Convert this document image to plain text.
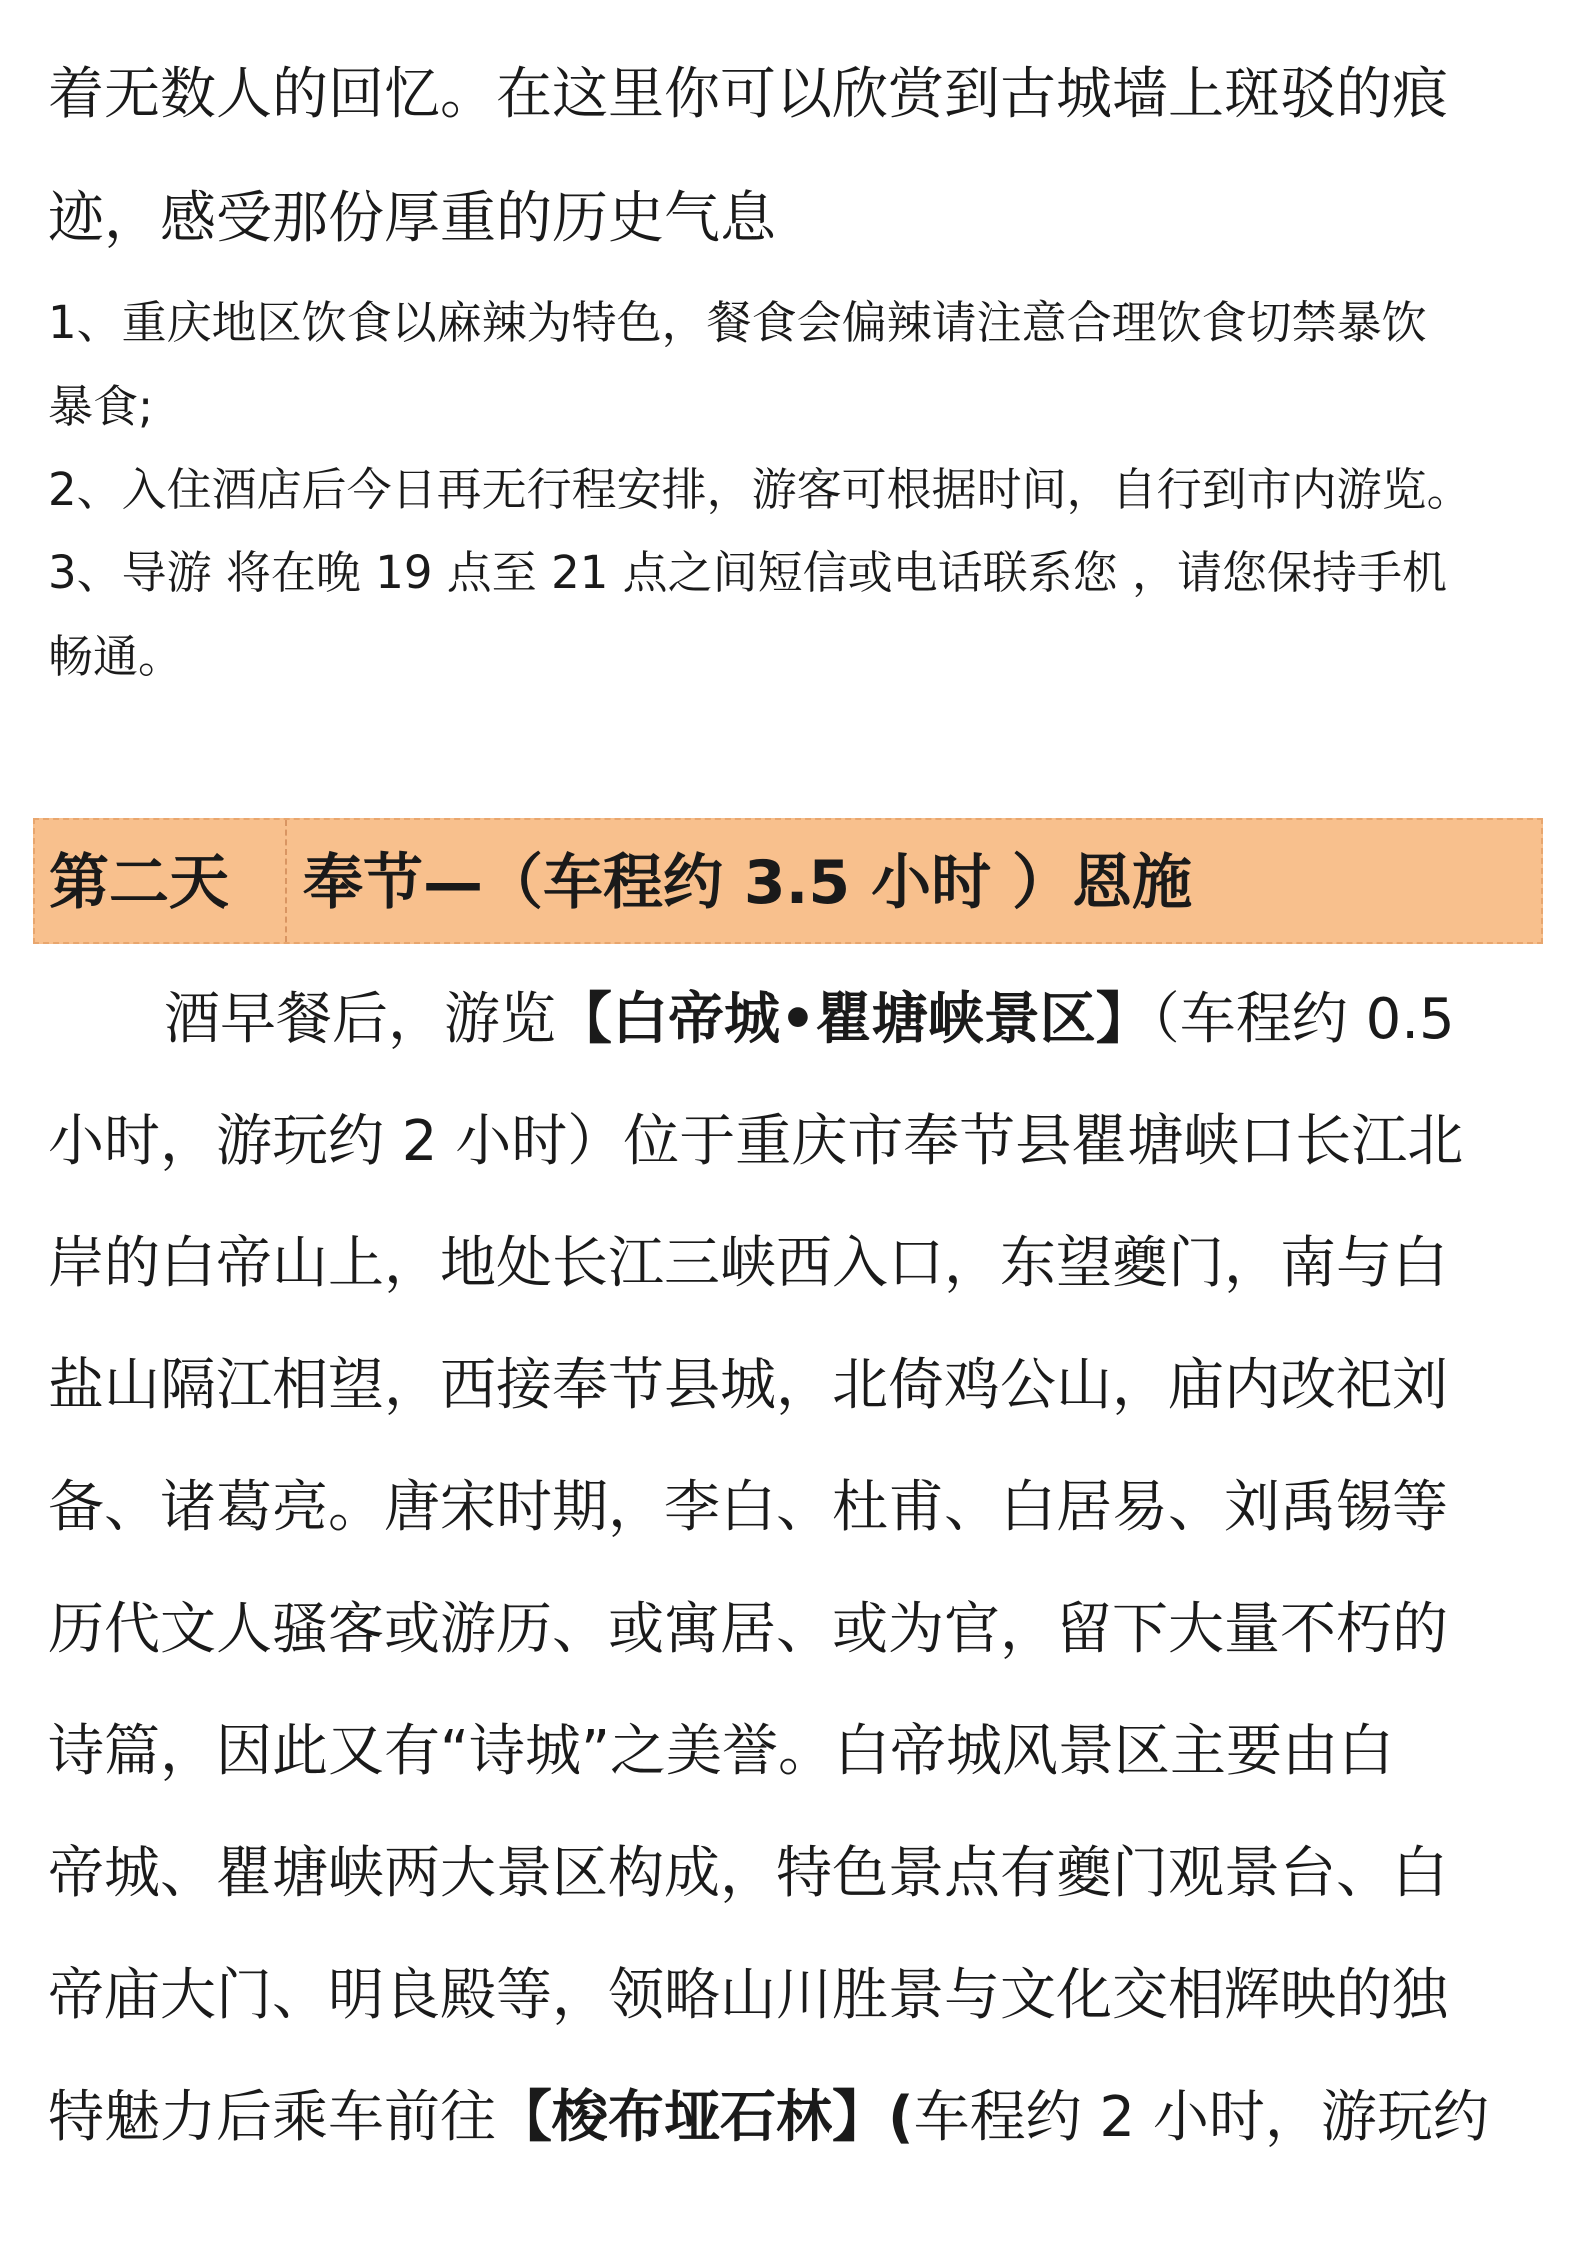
着无数人的回忆。在这里你可以欣赏到古城墙上斑驳的痕
迹，感受那份厚重的历史气息
1、重庆地区饮食以麻辣为特色，餐食会偏辣请注意合理饮食切禁暴饮
暴食;
2、入住酒店后今日再无行程安排，游客可根据时间，自行到市内游览。
3、导游 将在晚 19 点至 21 点之间短信或电话联系您 ，请您保持手机
畅通。
第二天 奉节—（车程约 3.5 小时 ）恩施
酒早餐后，游览【白帝城•瞿塘峡景区】（车程约 0.5
小时，游玩约 2 小时）位于重庆市奉节县瞿塘峡口长江北
岸的白帝山上，地处长江三峡西入口，东望夔门，南与白
盐山隔江相望，西接奉节县城，北倚鸡公山，庙内改祀刘
备、诸葛亮。唐宋时期，李白、杜甫、白居易、刘禹锡等
历代文人骚客或游历、或寓居、或为官，留下大量不朽的
诗篇，因此又有“诗城”之美誉。白帝城风景区主要由白
帝城、瞿塘峡两大景区构成，特色景点有夔门观景台、白
帝庙大门、明良殿等，领略山川胜景与文化交相辉映的独
特魅力后乘车前往【梭布垭石林】(车程约 2 小时，游玩约
